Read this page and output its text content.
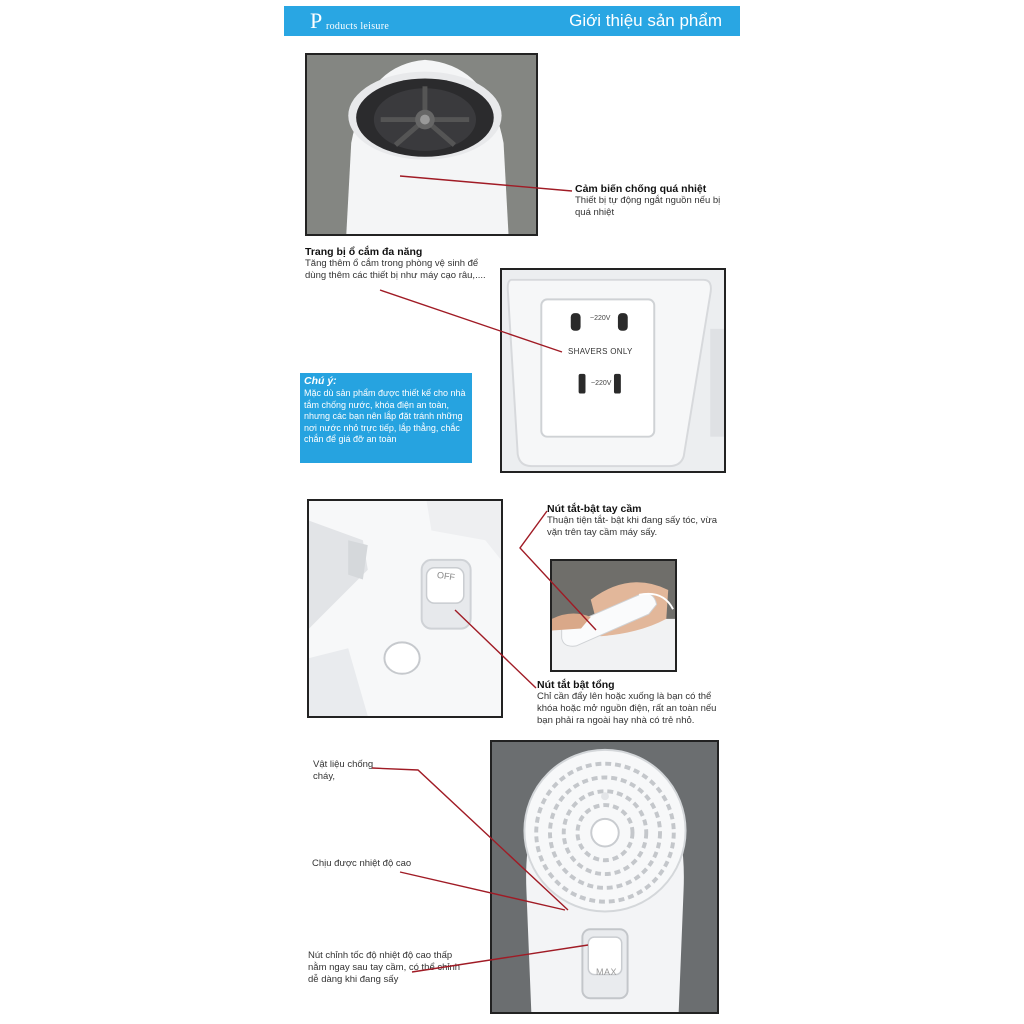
P roducts leisure	Giới thiệu sản phẩm
Cảm biến chống quá nhiệt
Thiết bị tự động ngắt nguồn nếu bị quá nhiệt
Trang bị ổ cắm đa năng
Tăng thêm ổ cắm trong phòng vệ sinh để dùng thêm các thiết bị như máy cạo râu,....
~220V
SHAVERS ONLY
~220V
Chú ý:
Mặc dù sản phẩm được thiết kế cho nhà tắm chống nước, khóa điện an toàn, nhưng các bạn nên lắp đặt tránh những nơi nước nhỏ trực tiếp, lắp thẳng, chắc chắn để giá đỡ an toàn
OFF
Nút tắt-bật tay cầm
Thuận tiện tắt- bật khi đang sấy tóc, vừa vặn trên tay cầm máy sấy.
Nút tắt bật tổng
Chỉ cần đẩy lên hoặc xuống là bạn có thể khóa hoặc mở nguồn điện, rất an toàn nếu bạn phải ra ngoài hay nhà có trẻ nhỏ.
MAX
Vật liệu chống cháy,
Chịu được nhiệt độ cao
Nút chỉnh tốc độ nhiệt độ cao thấp nằm ngay sau tay cầm, có thể chỉnh dễ dàng khi đang sấy
